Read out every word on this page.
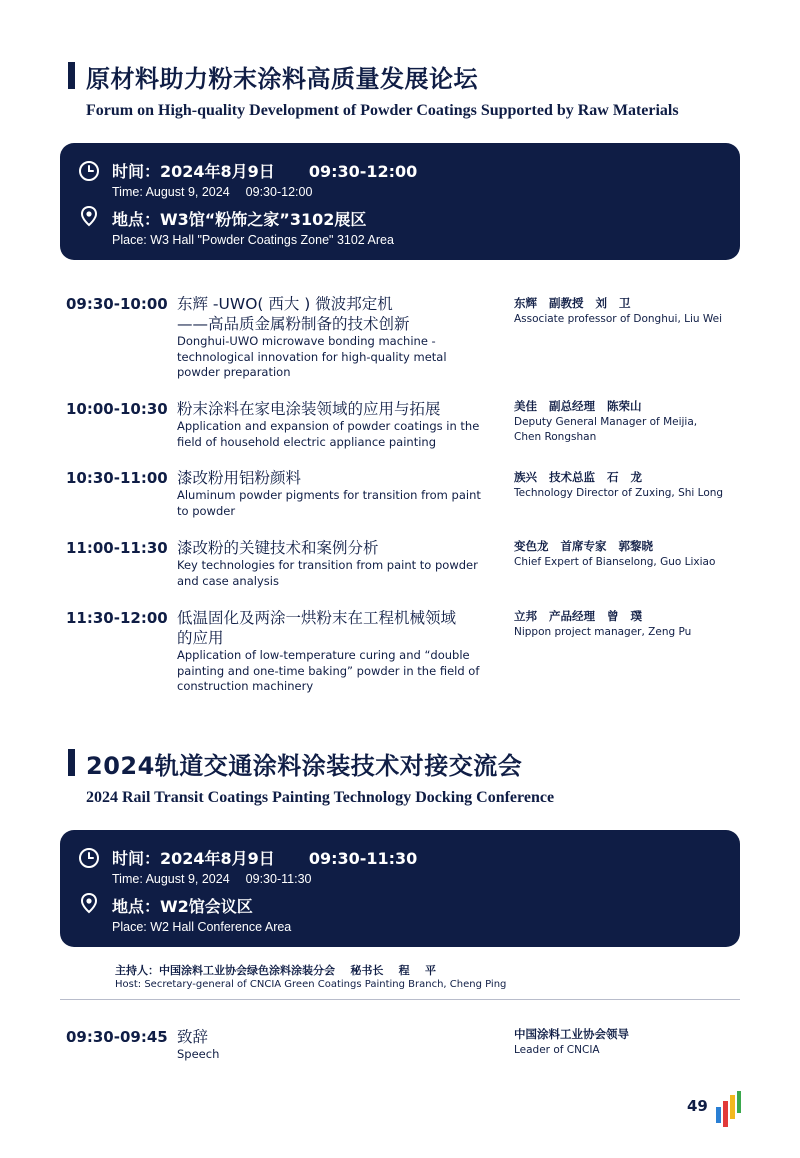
原材料助力粉末涂料高质量发展论坛
Forum on High-quality Development of Powder Coatings Supported by Raw Materials
时间：2024年8月9日 09:30-12:00
Time: August 9, 2024 09:30-12:00
地点：W3馆“粉饰之家”3102展区
Place: W3 Hall "Powder Coatings Zone" 3102 Area
09:30-10:00 东辉 -UWO( 西大 ) 微波邦定机
——高品质金属粉制备的技术创新
Donghui-UWO microwave bonding machine -
technological innovation for high-quality metal
powder preparation
东辉   副教授   刘   卫
Associate professor of Donghui, Liu Wei
10:00-10:30 粉末涂料在家电涂装领域的应用与拓展
Application and expansion of powder coatings in the
field of household electric appliance painting
美佳   副总经理   陈荣山
Deputy General Manager of Meijia,
Chen Rongshan
10:30-11:00 漆改粉用铝粉颜料
Aluminum powder pigments for transition from paint
to powder
族兴   技术总监   石   龙
Technology Director of Zuxing, Shi Long
11:00-11:30 漆改粉的关键技术和案例分析
Key technologies for transition from paint to powder
and case analysis
变色龙   首席专家   郭黎晓
Chief Expert of Bianselong, Guo Lixiao
11:30-12:00 低温固化及两涂一烘粉末在工程机械领域
的应用
Application of low-temperature curing and “double
painting and one-time baking” powder in the field of
construction machinery
立邦   产品经理   曾   璞
Nippon project manager, Zeng Pu
2024轨道交通涂料涂装技术对接交流会
2024 Rail Transit Coatings Painting Technology Docking Conference
时间：2024年8月9日 09:30-11:30
Time: August 9, 2024 09:30-11:30
地点：W2馆会议区
Place: W2 Hall Conference Area
主持人：中国涂料工业协会绿色涂料涂装分会    秘书长    程    平
Host: Secretary-general of CNCIA Green Coatings Painting Branch, Cheng Ping
09:30-09:45 致辞
Speech
中国涂料工业协会领导
Leader of CNCIA
49
